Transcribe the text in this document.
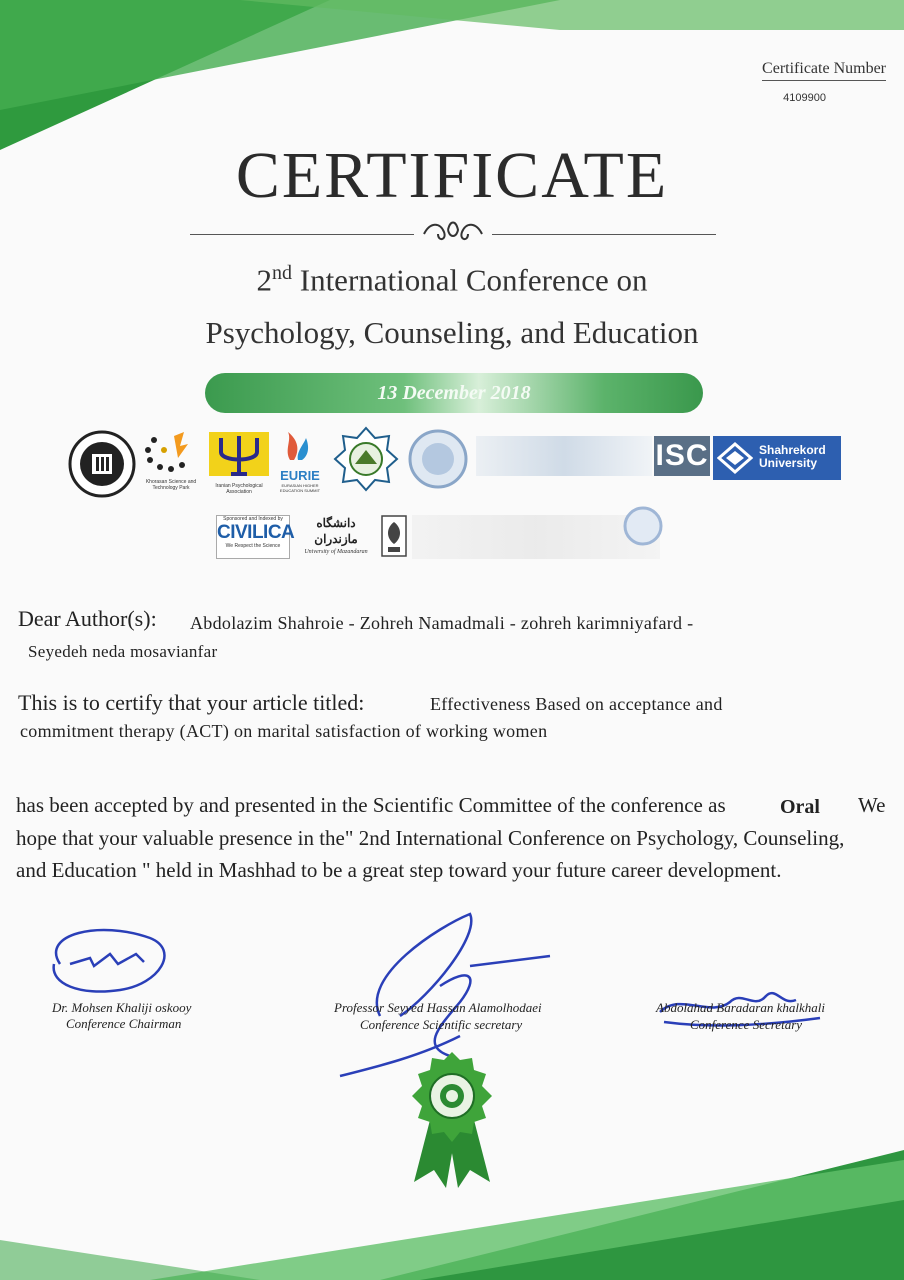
Certificate Number
4109900
CERTIFICATE
2nd International Conference on
Psychology, Counseling, and Education
13 December 2018
Khorasan Science and Technology Park	Iranian Psychological Association
EURIE
EURASIAN HIGHER EDUCATION SUMMIT
ISC	Shahrekord
University
Sponsored and Indexed by
CIVILICA
We Respect the Science
دانشگاه مازندران
University of Mazandaran
Dear Author(s): Abdolazim Shahroie - Zohreh Namadmali - zohreh karimniyafard -
Seyedeh neda mosavianfar
This is to certify that your article titled:	Effectiveness Based on acceptance and
commitment therapy (ACT) on marital satisfaction of working women
has been accepted by and presented in the Scientific Committee of the conference as	Oral We
hope that your valuable presence in the" 2nd International Conference on Psychology, Counseling,
and Education " held in Mashhad to be a great step toward your future career development.
Dr. Mohsen Khaliji oskooy
Conference Chairman
Professor Seyyed Hassan Alamolhodaei
Conference Scientific secretary
Abdolahad Baradaran khalkhali
Conference Secretary
